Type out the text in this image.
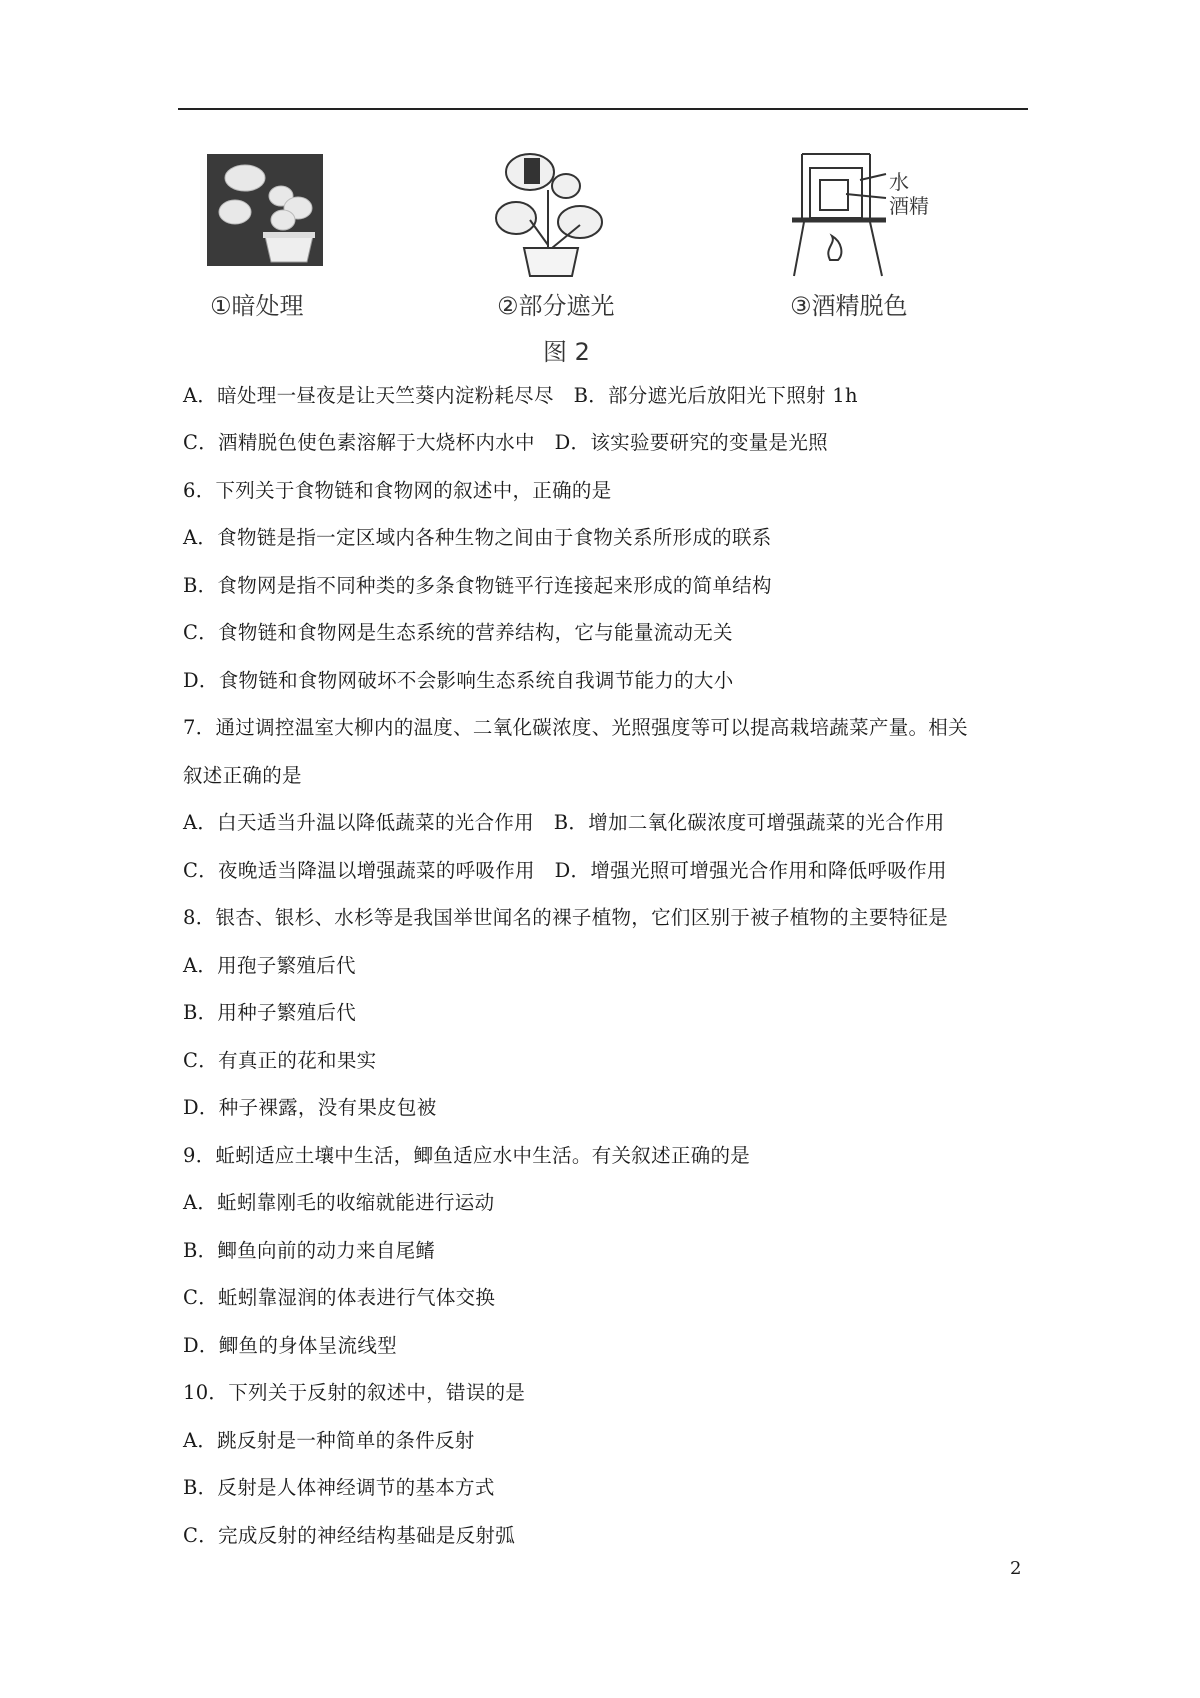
①暗处理	②部分遮光
水
酒精
③酒精脱色
图 2
A．暗处理一昼夜是让天竺葵内淀粉耗尽尽　B．部分遮光后放阳光下照射 1h
C．酒精脱色使色素溶解于大烧杯内水中　D．该实验要研究的变量是光照
6．下列关于食物链和食物网的叙述中，正确的是
A．食物链是指一定区域内各种生物之间由于食物关系所形成的联系
B．食物网是指不同种类的多条食物链平行连接起来形成的简单结构
C．食物链和食物网是生态系统的营养结构，它与能量流动无关
D．食物链和食物网破坏不会影响生态系统自我调节能力的大小
7．通过调控温室大柳内的温度、二氧化碳浓度、光照强度等可以提高栽培蔬菜产量。相关
叙述正确的是
A．白天适当升温以降低蔬菜的光合作用　B．增加二氧化碳浓度可增强蔬菜的光合作用
C．夜晚适当降温以增强蔬菜的呼吸作用　D．增强光照可增强光合作用和降低呼吸作用
8．银杏、银杉、水杉等是我国举世闻名的裸子植物，它们区别于被子植物的主要特征是
A．用孢子繁殖后代
B．用种子繁殖后代
C．有真正的花和果实
D．种子裸露，没有果皮包被
9．蚯蚓适应土壤中生活，鲫鱼适应水中生活。有关叙述正确的是
A．蚯蚓靠刚毛的收缩就能进行运动
B．鲫鱼向前的动力来自尾鳍
C．蚯蚓靠湿润的体表进行气体交换
D．鲫鱼的身体呈流线型
10．下列关于反射的叙述中，错误的是
A．跳反射是一种简单的条件反射
B．反射是人体神经调节的基本方式
C．完成反射的神经结构基础是反射弧
2
